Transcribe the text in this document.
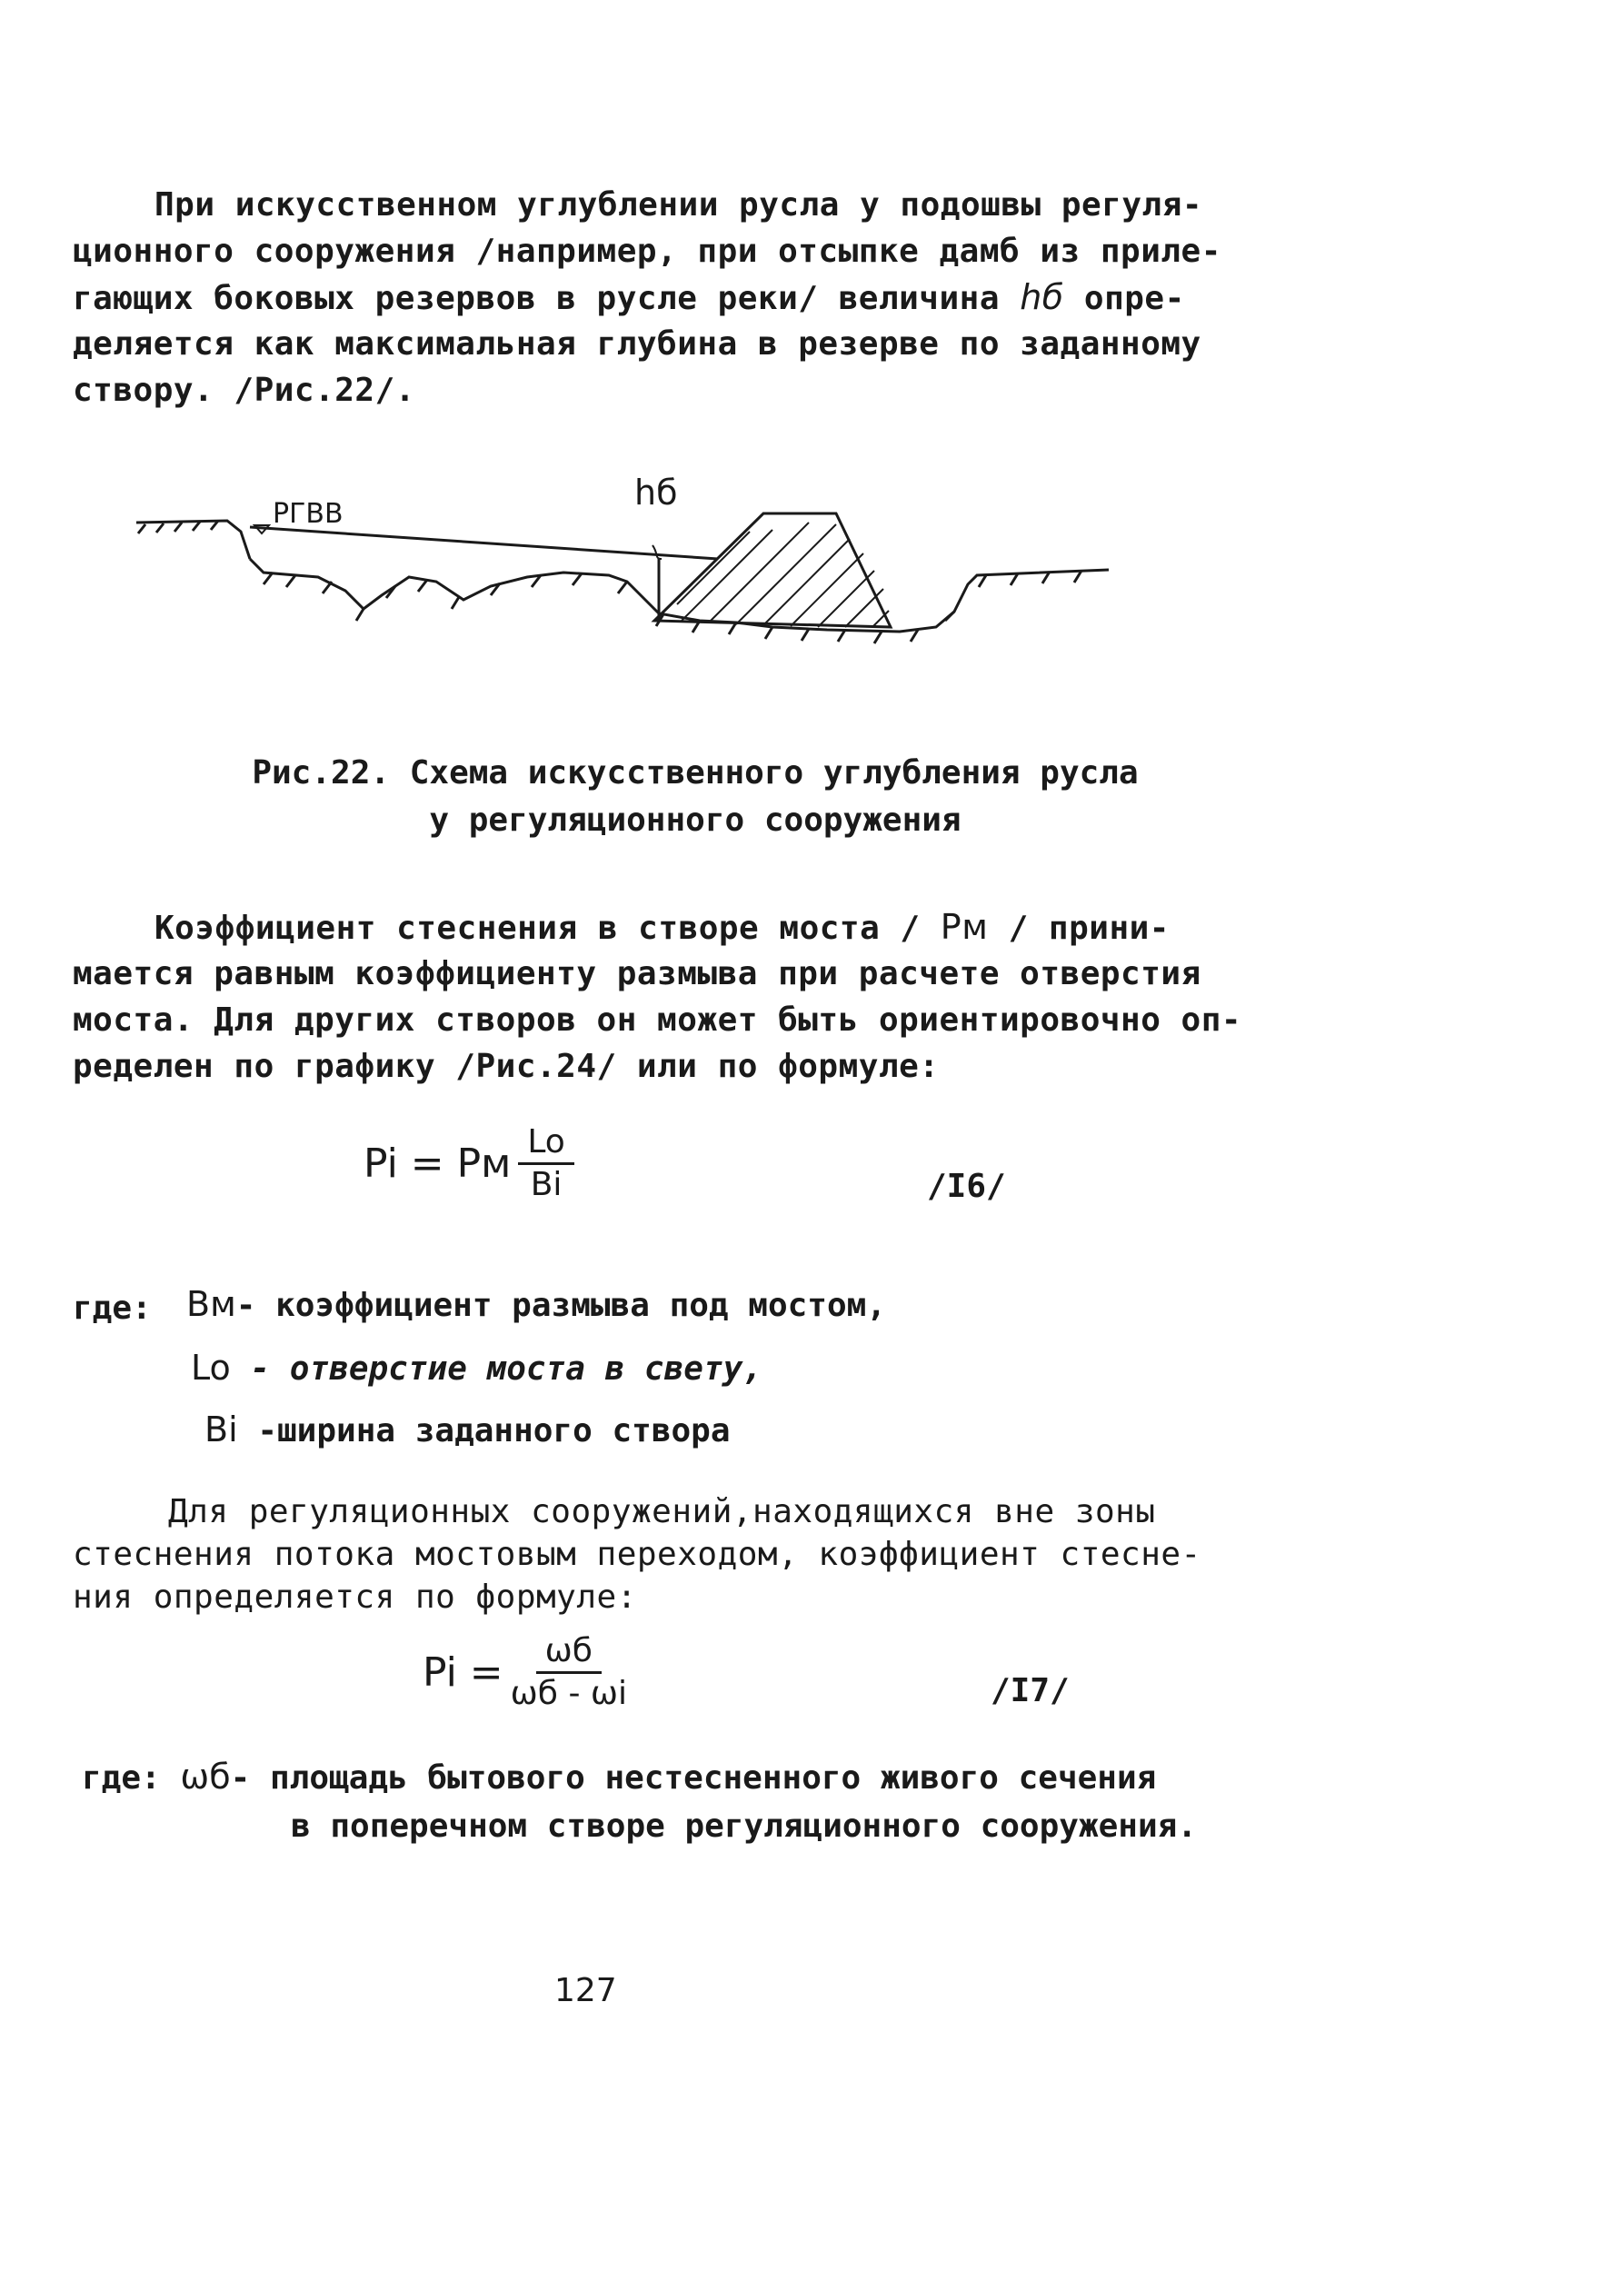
При искусственном углублении русла у подошвы регуля-
ционного сооружения /например, при отсыпке дамб из приле-
гающих боковых резервов в русле реки/ величина hб опре-
деляется как максимальная глубина в резерве по заданному
створу. /Рис.22/.
РГВВ
hб
Рис.22. Схема искусственного углубления русла
у регуляционного сооружения
Коэффициент стеснения в створе моста / Pм / прини-
мается равным коэффициенту размыва при расчете отверстия
моста. Для других створов он может быть ориентировочно оп-
ределен по графику /Рис.24/ или по формуле:
Pi = Pм $\frac{Lo}{Bi}$	/I6/
где: Bм- коэффициент размыва под мостом,
Lo - отверстие моста в свету,
Bi -ширина заданного створа
Для регуляционных сооружений,находящихся вне зоны
стеснения потока мостовым переходом, коэффициент стесне-
ния определяется по формуле:
$Pi = \frac{\omega б}{\omega б - \omega i}$	/I7/
где: ωб- площадь бытового нестесненного живого сечения
в поперечном створе регуляционного сооружения.
127
